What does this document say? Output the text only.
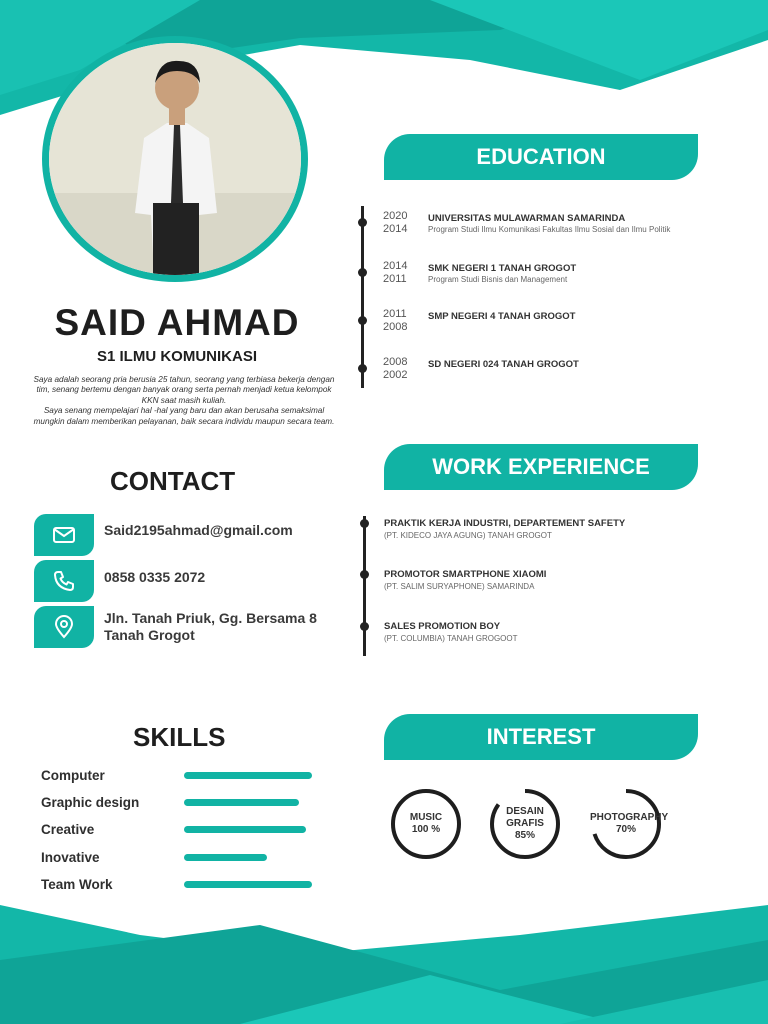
SAID AHMAD
S1 ILMU KOMUNIKASI

Saya adalah seorang pria berusia 25 tahun, seorang yang terbiasa bekerja dengan tim, senang bertemu dengan banyak orang serta pernah menjadi ketua kelompok KKN saat masih kuliah.

Saya senang mempelajari hal -hal yang baru dan akan berusaha semaksimal mungkin dalam memberikan pelayanan, baik secara individu maupun secara team.

CONTACT
Said2195ahmad@gmail.com
0858 0335 2072
Jln. Tanah Priuk, Gg. Bersama 8
Tanah Grogot
SKILLS
Computer
Graphic design
Creative
Inovative
Team Work
EDUCATION
2020
2014
UNIVERSITAS MULAWARMAN SAMARINDA
Program Studi Ilmu Komunikasi Fakultas Ilmu Sosial dan Ilmu Politik
2014
2011
SMK NEGERI 1 TANAH GROGOT
Program Studi Bisnis dan Management
2011
2008
SMP NEGERI 4 TANAH GROGOT
2008
2002
SD NEGERI 024 TANAH GROGOT
WORK EXPERIENCE
PRAKTIK KERJA INDUSTRI, DEPARTEMENT SAFETY
(PT. KIDECO JAYA AGUNG) TANAH GROGOT
PROMOTOR SMARTPHONE XIAOMI
(PT. SALIM SURYAPHONE) SAMARINDA
SALES PROMOTION BOY
(PT. COLUMBIA) TANAH GROGOOT
INTEREST
MUSIC
100 %
DESAIN
GRAFIS
85%
PHOTOGRAPHY
70%
